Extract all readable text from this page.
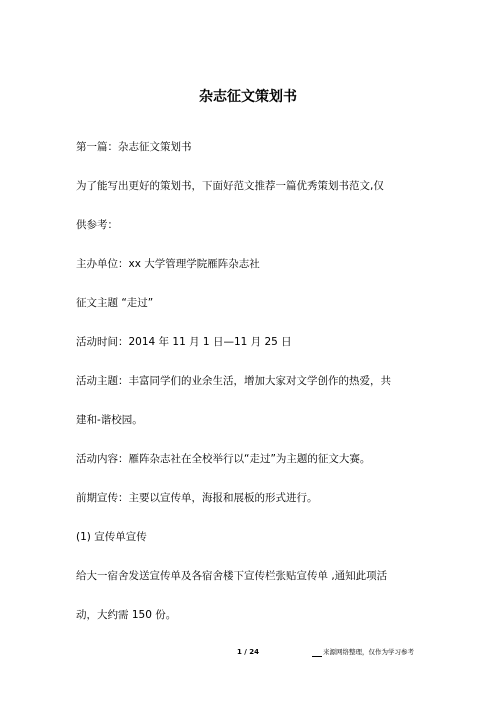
杂志征文策划书
第一篇：杂志征文策划书
为了能写出更好的策划书，下面好范文推荐一篇优秀策划书范文,仅
供参考：
主办单位：xx 大学管理学院雁阵杂志社
征文主题 “走过”
活动时间：2014 年 11 月 1 日—11 月 25 日
活动主题：丰富同学们的业余生活，增加大家对文学创作的热爱，共
建和-谐校园。
活动内容：雁阵杂志社在全校举行以“走过”为主题的征文大赛。
前期宣传：主要以宣传单，海报和展板的形式进行。
(1) 宣传单宣传
给大一宿舍发送宣传单及各宿舍楼下宣传栏张贴宣传单 ,通知此项活
动，大约需 150 份。
1 / 24	来源网络整理，仅作为学习参考
